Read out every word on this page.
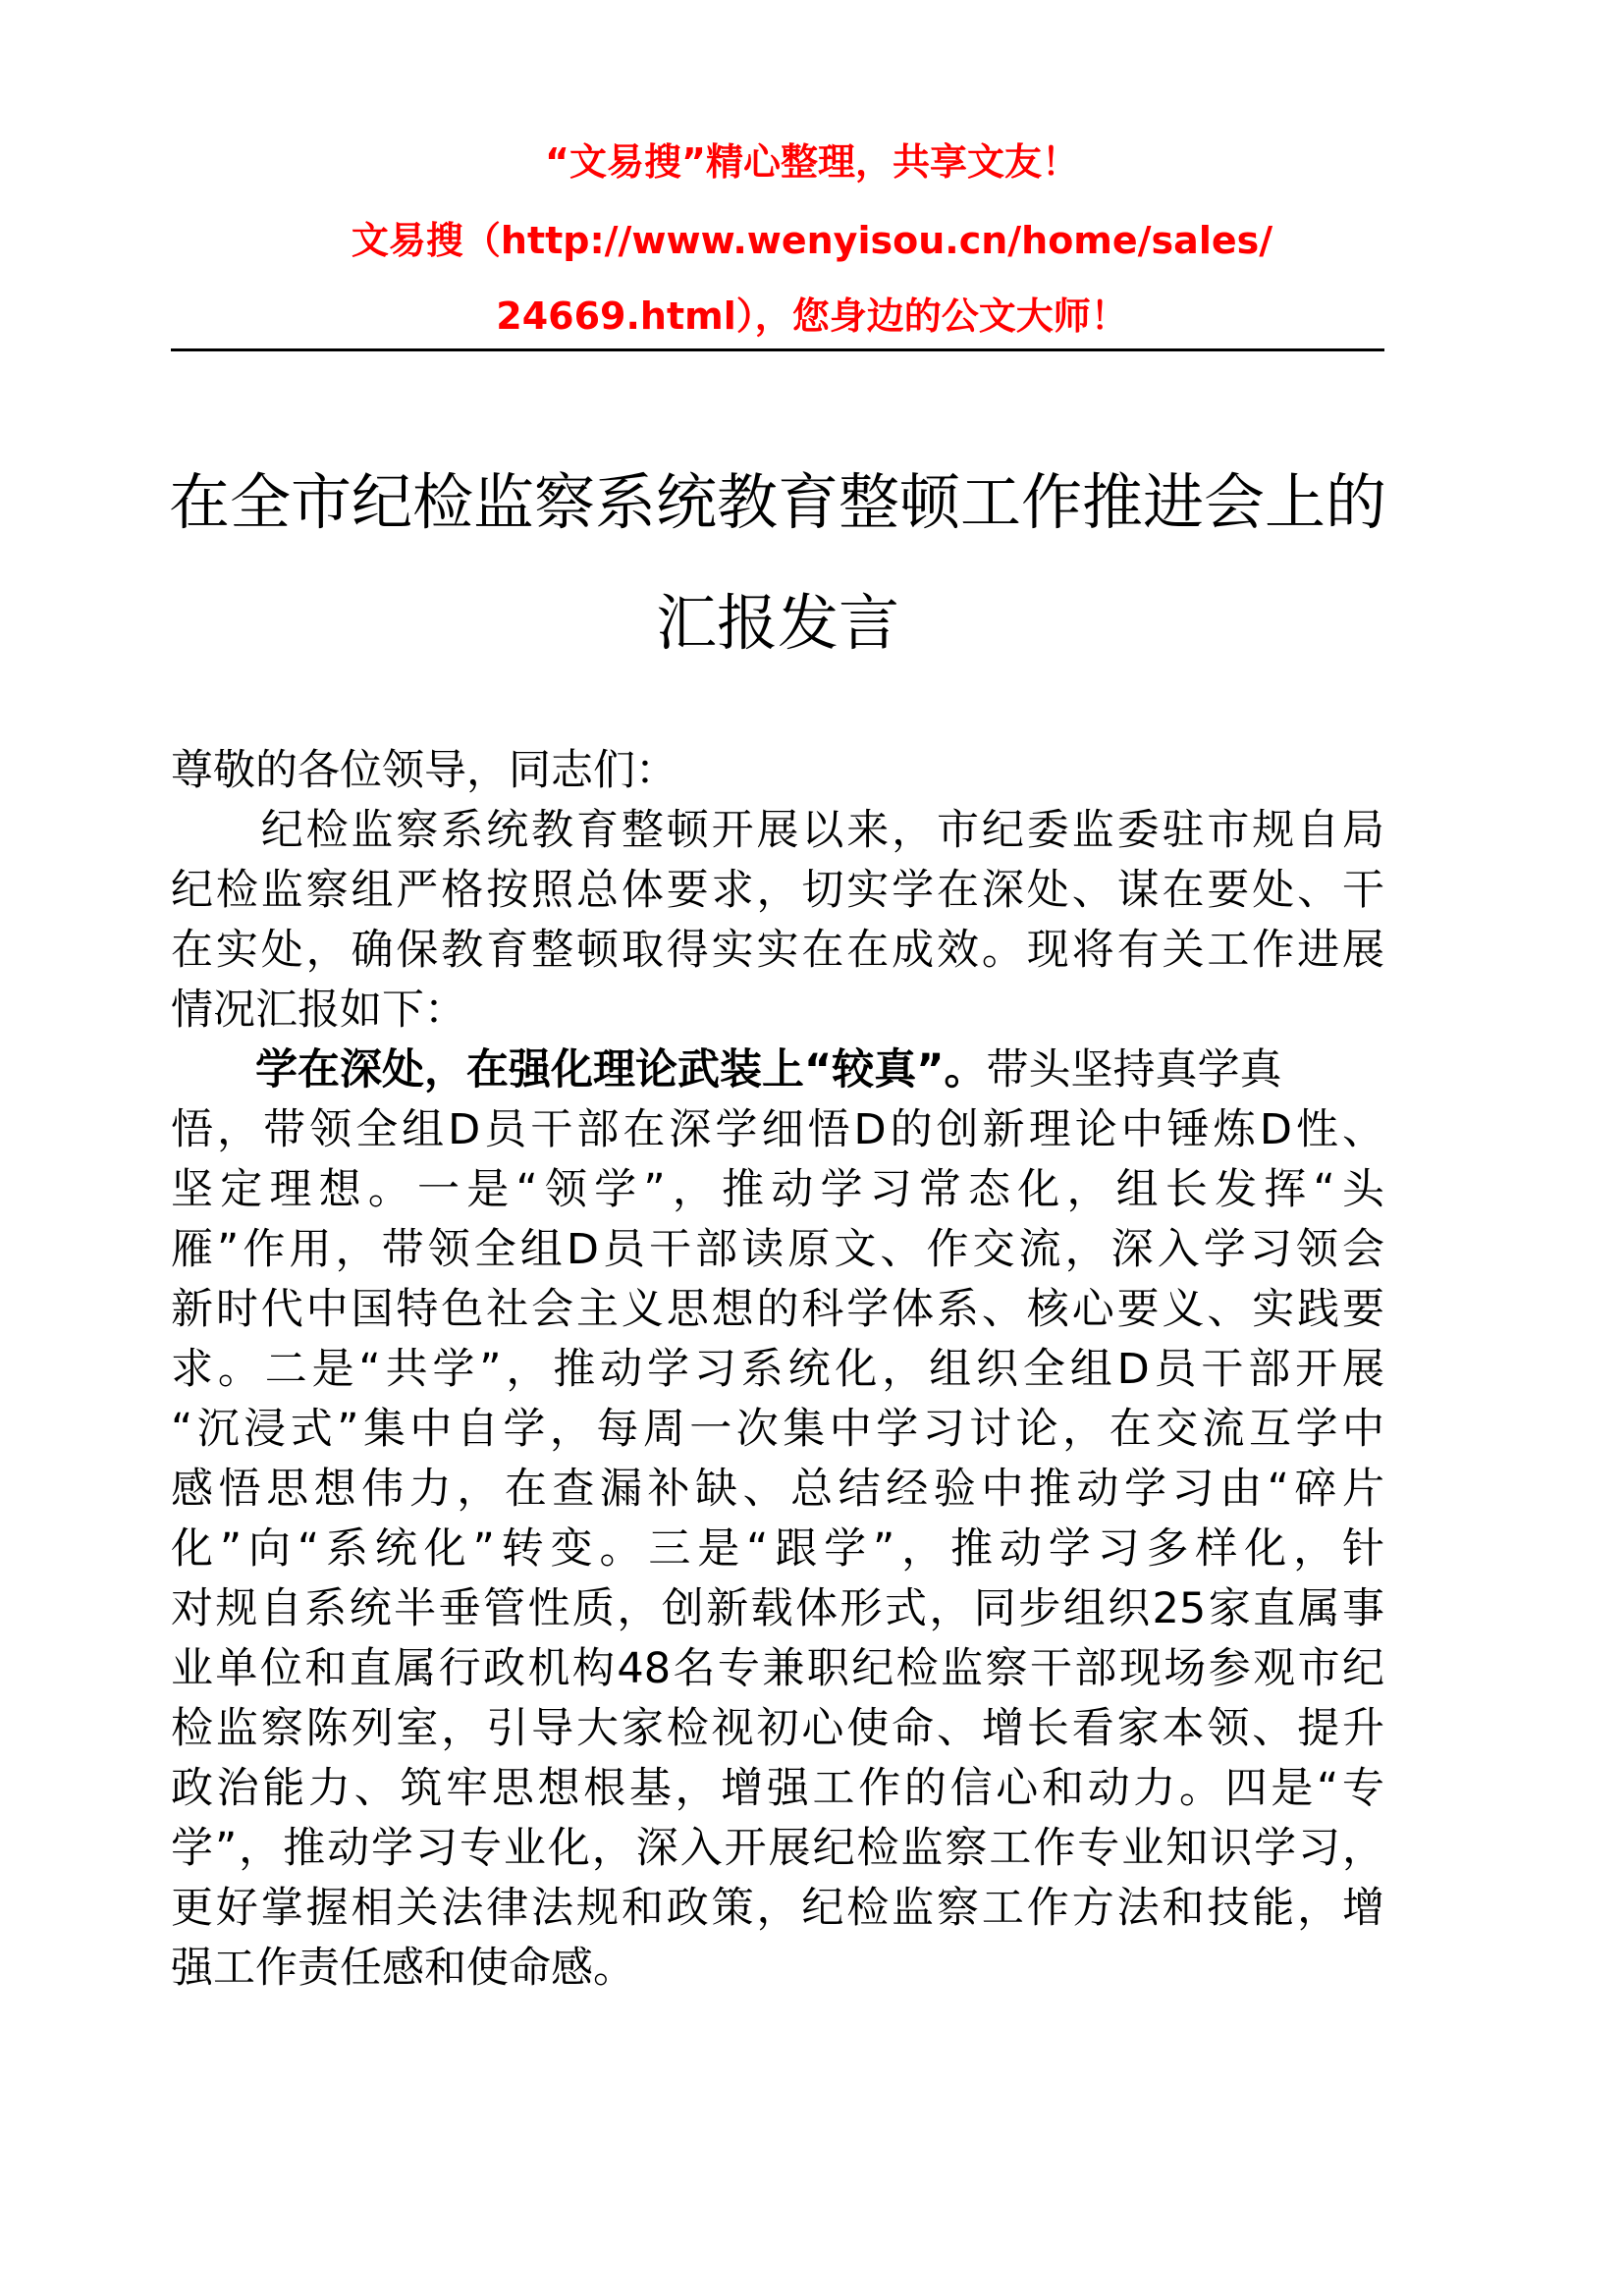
“文易搜”精心整理，共享文友！
文易搜（http://www.wenyisou.cn/home/sales/
24669.html），您身边的公文大师！
在全市纪检监察系统教育整顿工作推进会上的
汇报发言
尊敬的各位领导，同志们：
　　纪检监察系统教育整顿开展以来，市纪委监委驻市规自局
纪检监察组严格按照总体要求，切实学在深处、谋在要处、干
在实处，确保教育整顿取得实实在在成效。现将有关工作进展
情况汇报如下：
学在深处，在强化理论武装上“较真”。 带头坚持真学真
悟，带领全组D员干部在深学细悟D的创新理论中锤炼D性、
坚定理想。一是“领学”，推动学习常态化，组长发挥“头
雁”作用，带领全组D员干部读原文、作交流，深入学习领会
新时代中国特色社会主义思想的科学体系、核心要义、实践要
求。二是“共学”，推动学习系统化，组织全组D员干部开展
“沉浸式”集中自学，每周一次集中学习讨论，在交流互学中
感悟思想伟力，在查漏补缺、总结经验中推动学习由“碎片
化”向“系统化”转变。三是“跟学”，推动学习多样化，针
对规自系统半垂管性质，创新载体形式，同步组织25家直属事
业单位和直属行政机构48名专兼职纪检监察干部现场参观市纪
检监察陈列室，引导大家检视初心使命、增长看家本领、提升
政治能力、筑牢思想根基，增强工作的信心和动力。四是“专
学”，推动学习专业化，深入开展纪检监察工作专业知识学习，
更好掌握相关法律法规和政策，纪检监察工作方法和技能，增
强工作责任感和使命感。
